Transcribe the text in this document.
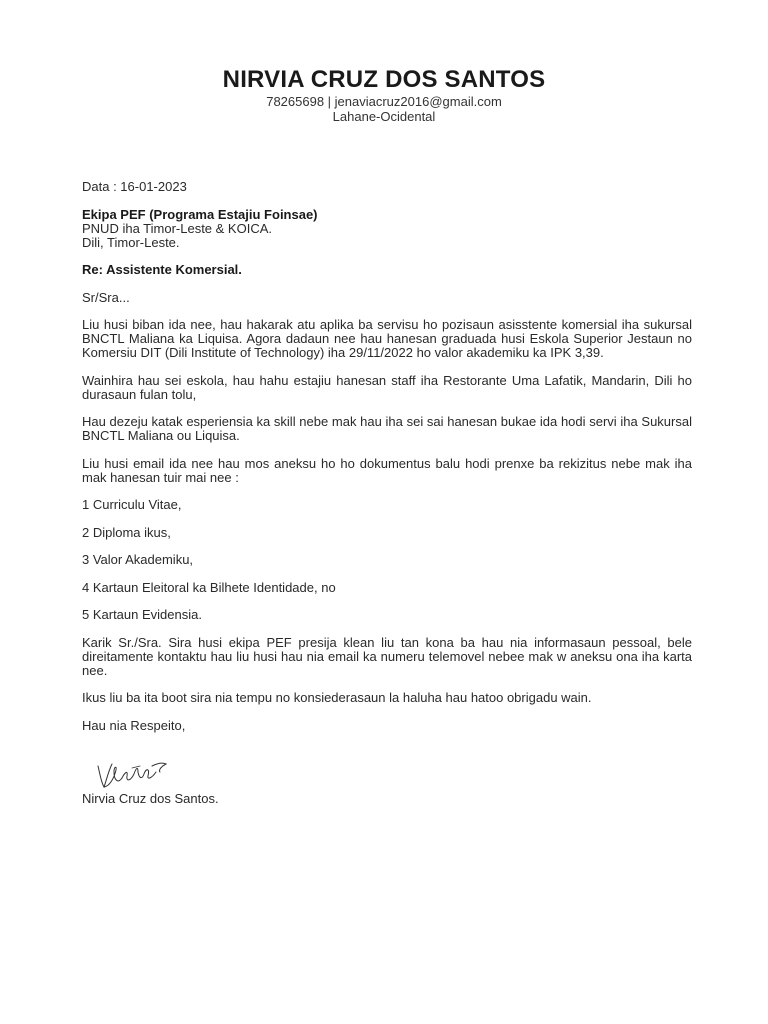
NIRVIA CRUZ DOS SANTOS
78265698 | jenaviacruz2016@gmail.com
Lahane-Ocidental

Data : 16-01-2023

Ekipa PEF (Programa Estajiu Foinsae)

PNUD iha Timor-Leste & KOICA.

Dili, Timor-Leste.

Re: Assistente Komersial.

Sr/Sra...

Liu husi biban ida nee, hau hakarak atu aplika ba servisu ho pozisaun asisstente komersial iha sukursal BNCTL Maliana ka Liquisa. Agora dadaun nee hau hanesan graduada husi Eskola Superior Jestaun no Komersiu DIT (Dili Institute of Technology) iha 29/11/2022 ho valor akademiku ka IPK 3,39.

Wainhira hau sei eskola, hau hahu estajiu hanesan staff iha Restorante Uma Lafatik, Mandarin, Dili ho durasaun fulan tolu,

Hau dezeju katak esperiensia ka skill nebe mak hau iha sei sai hanesan bukae ida hodi servi iha Sukursal BNCTL Maliana ou Liquisa.

Liu husi email ida nee hau mos aneksu ho ho dokumentus balu hodi prenxe ba rekizitus nebe mak iha mak hanesan tuir mai nee :

1 Curriculu Vitae,

2 Diploma ikus,

3 Valor Akademiku,

4 Kartaun Eleitoral ka Bilhete Identidade, no

5 Kartaun Evidensia.

Karik Sr./Sra. Sira husi ekipa PEF presija klean liu tan kona ba hau nia informasaun pessoal, bele direitamente kontaktu hau liu husi hau nia email ka numeru telemovel nebee mak w aneksu ona iha karta nee.

Ikus liu ba ita boot sira nia tempu no konsiederasaun la haluha hau hatoo obrigadu wain.

Hau nia Respeito,

Nirvia Cruz dos Santos.
